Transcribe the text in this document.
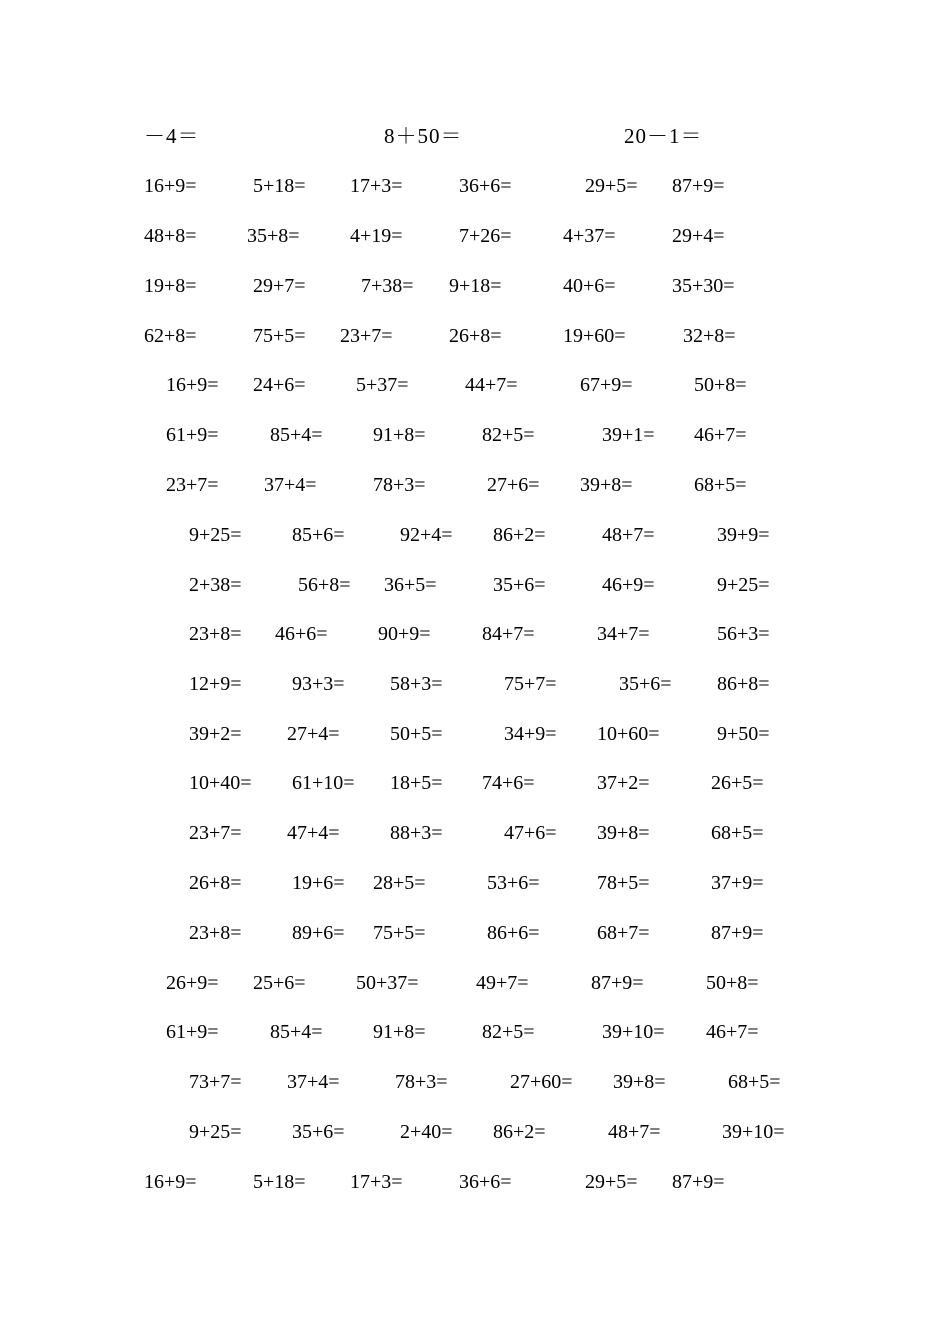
－4＝	8＋50＝	20－1＝
16+9=	5+18= 17+3=	36+6=	29+5= 87+9=
48+8=	35+8=	4+19=	7+26=	4+37=	29+4=
19+8=	29+7=	7+38= 9+18=	40+6=	35+30=
62+8=	75+5= 23+7=	26+8=	19+60=	32+8=
16+9= 24+6=	5+37=	44+7=	67+9=	50+8=
61+9=	85+4=	91+8=	82+5=	39+1= 46+7=
23+7= 37+4=	78+3=	27+6= 39+8=	68+5=
9+25=	85+6=	92+4= 86+2=	48+7=	39+9=
2+38=	56+8= 36+5=	35+6=	46+9=	9+25=
23+8= 46+6=	90+9=	84+7=	34+7=	56+3=
12+9=	93+3= 58+3=	75+7=	35+6= 86+8=
39+2= 27+4=	50+5=	34+9= 10+60=	9+50=
10+40= 61+10= 18+5= 74+6=	37+2=	26+5=
23+7= 47+4=	88+3=	47+6= 39+8=	68+5=
26+8=	19+6= 28+5=	53+6=	78+5=	37+9=
23+8=	89+6= 75+5=	86+6=	68+7=	87+9=
26+9= 25+6=	50+37=	49+7=	87+9=	50+8=
61+9=	85+4=	91+8=	82+5=	39+10= 46+7=
73+7= 37+4=	78+3=	27+60= 39+8=	68+5=
9+25=	35+6=	2+40= 86+2=	48+7=	39+10=
16+9=	5+18= 17+3=	36+6=	29+5= 87+9=
